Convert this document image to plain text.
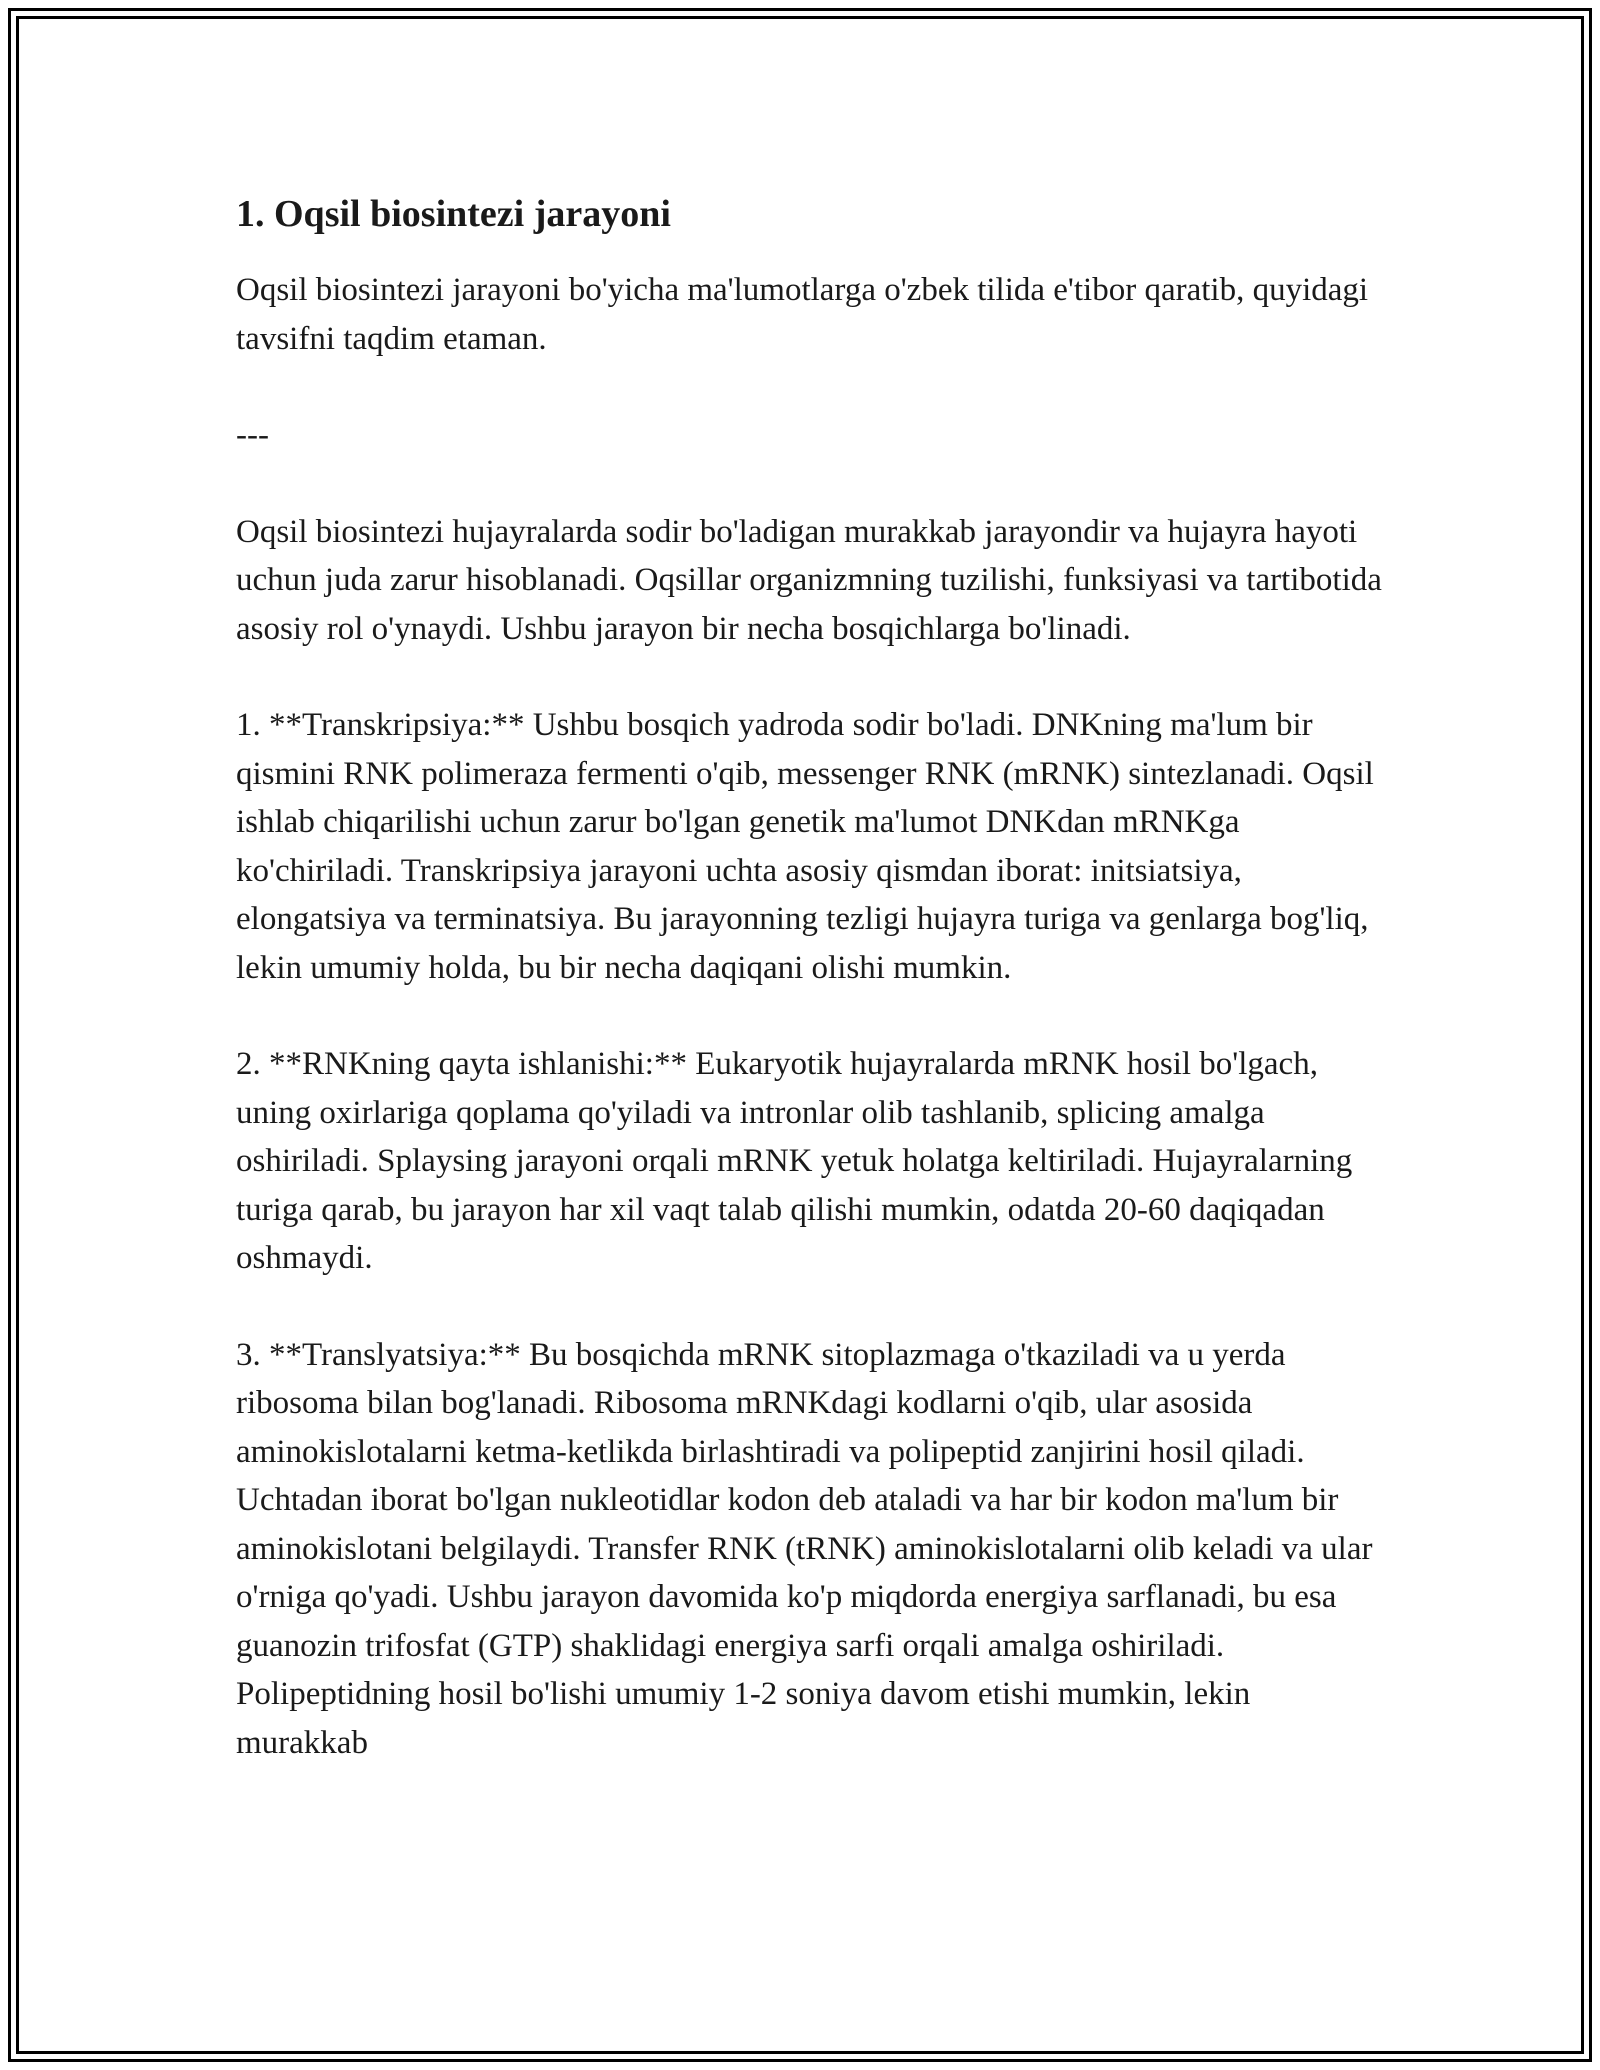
1. Oqsil biosintezi jarayoni

Oqsil biosintezi jarayoni bo'yicha ma'lumotlarga o'zbek tilida e'tibor qaratib, quyidagi tavsifni taqdim etaman.

---

Oqsil biosintezi hujayralarda sodir bo'ladigan murakkab jarayondir va hujayra hayoti uchun juda zarur hisoblanadi. Oqsillar organizmning tuzilishi, funksiyasi va tartibotida asosiy rol o'ynaydi. Ushbu jarayon bir necha bosqichlarga bo'linadi.

1. **Transkripsiya:** Ushbu bosqich yadroda sodir bo'ladi. DNKning ma'lum bir qismini RNK polimeraza fermenti o'qib, messenger RNK (mRNK) sintezlanadi. Oqsil ishlab chiqarilishi uchun zarur bo'lgan genetik ma'lumot DNKdan mRNKga ko'chiriladi. Transkripsiya jarayoni uchta asosiy qismdan iborat: initsiatsiya, elongatsiya va terminatsiya. Bu jarayonning tezligi hujayra turiga va genlarga bog'liq, lekin umumiy holda, bu bir necha daqiqani olishi mumkin.

2. **RNKning qayta ishlanishi:** Eukaryotik hujayralarda mRNK hosil bo'lgach, uning oxirlariga qoplama qo'yiladi va intronlar olib tashlanib, splicing amalga oshiriladi. Splaysing jarayoni orqali mRNK yetuk holatga keltiriladi. Hujayralarning turiga qarab, bu jarayon har xil vaqt talab qilishi mumkin, odatda 20-60 daqiqadan oshmaydi.

3. **Translyatsiya:** Bu bosqichda mRNK sitoplazmaga o'tkaziladi va u yerda ribosoma bilan bog'lanadi. Ribosoma mRNKdagi kodlarni o'qib, ular asosida aminokislotalarni ketma-ketlikda birlashtiradi va polipeptid zanjirini hosil qiladi. Uchtadan iborat bo'lgan nukleotidlar kodon deb ataladi va har bir kodon ma'lum bir aminokislotani belgilaydi. Transfer RNK (tRNK) aminokislotalarni olib keladi va ular o'rniga qo'yadi. Ushbu jarayon davomida ko'p miqdorda energiya sarflanadi, bu esa guanozin trifosfat (GTP) shaklidagi energiya sarfi orqali amalga oshiriladi. Polipeptidning hosil bo'lishi umumiy 1-2 soniya davom etishi mumkin, lekin murakkab
